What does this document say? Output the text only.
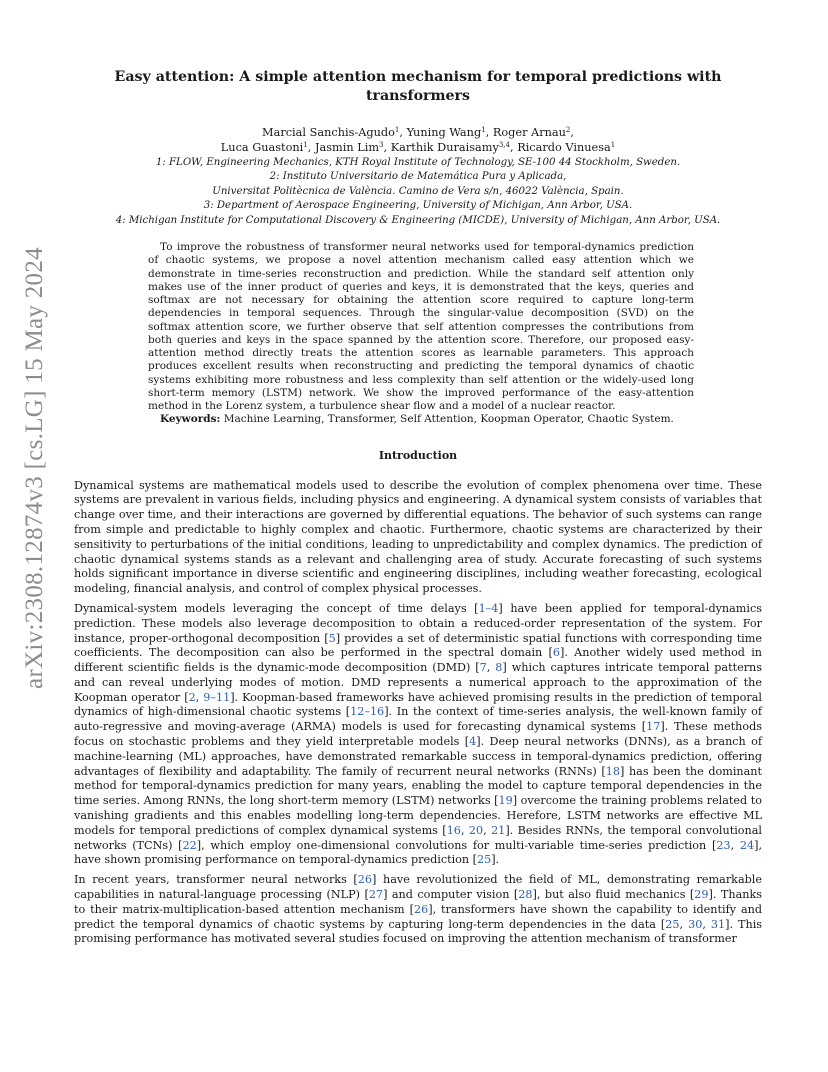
arXiv:2308.12874v3 [cs.LG] 15 May 2024
Easy attention: A simple attention mechanism for temporal predictions with transformers
Marcial Sanchis-Agudo$^1$, Yuning Wang$^1$, Roger Arnau$^2$,
Luca Guastoni$^1$, Jasmin Lim$^3$, Karthik Duraisamy$^{3,4}$, Ricardo Vinuesa$^1$
1: FLOW, Engineering Mechanics, KTH Royal Institute of Technology, SE-100 44 Stockholm, Sweden.
2: Instituto Universitario de Matemática Pura y Aplicada,
Universitat Politècnica de València. Camino de Vera s/n, 46022 València, Spain.
3: Department of Aerospace Engineering, University of Michigan, Ann Arbor, USA.
4: Michigan Institute for Computational Discovery & Engineering (MICDE), University of Michigan, Ann Arbor, USA.

To improve the robustness of transformer neural networks used for temporal-dynamics prediction of chaotic systems, we propose a novel attention mechanism called easy attention which we demonstrate in time-series reconstruction and prediction. While the standard self attention only makes use of the inner product of queries and keys, it is demonstrated that the keys, queries and softmax are not necessary for obtaining the attention score required to capture long-term dependencies in temporal sequences. Through the singular-value decomposition (SVD) on the softmax attention score, we further observe that self attention compresses the contributions from both queries and keys in the space spanned by the attention score. Therefore, our proposed easy-attention method directly treats the attention scores as learnable parameters. This approach produces excellent results when reconstructing and predicting the temporal dynamics of chaotic systems exhibiting more robustness and less complexity than self attention or the widely-used long short-term memory (LSTM) network. We show the improved performance of the easy-attention method in the Lorenz system, a turbulence shear flow and a model of a nuclear reactor.

Keywords: Machine Learning, Transformer, Self Attention, Koopman Operator, Chaotic System.

Introduction

Dynamical systems are mathematical models used to describe the evolution of complex phenomena over time. These systems are prevalent in various fields, including physics and engineering. A dynamical system consists of variables that change over time, and their interactions are governed by differential equations. The behavior of such systems can range from simple and predictable to highly complex and chaotic. Furthermore, chaotic systems are characterized by their sensitivity to perturbations of the initial conditions, leading to unpredictability and complex dynamics. The prediction of chaotic dynamical systems stands as a relevant and challenging area of study. Accurate forecasting of such systems holds significant importance in diverse scientific and engineering disciplines, including weather forecasting, ecological modeling, financial analysis, and control of complex physical processes.

Dynamical-system models leveraging the concept of time delays [1–4] have been applied for temporal-dynamics prediction. These models also leverage decomposition to obtain a reduced-order representation of the system. For instance, proper-orthogonal decomposition [5] provides a set of deterministic spatial functions with corresponding time coefficients. The decomposition can also be performed in the spectral domain [6]. Another widely used method in different scientific fields is the dynamic-mode decomposition (DMD) [7, 8] which captures intricate temporal patterns and can reveal underlying modes of motion. DMD represents a numerical approach to the approximation of the Koopman operator [2, 9–11]. Koopman-based frameworks have achieved promising results in the prediction of temporal dynamics of high-dimensional chaotic systems [12–16]. In the context of time-series analysis, the well-known family of auto-regressive and moving-average (ARMA) models is used for forecasting dynamical systems [17]. These methods focus on stochastic problems and they yield interpretable models [4]. Deep neural networks (DNNs), as a branch of machine-learning (ML) approaches, have demonstrated remarkable success in temporal-dynamics prediction, offering advantages of flexibility and adaptability. The family of recurrent neural networks (RNNs) [18] has been the dominant method for temporal-dynamics prediction for many years, enabling the model to capture temporal dependencies in the time series. Among RNNs, the long short-term memory (LSTM) networks [19] overcome the training problems related to vanishing gradients and this enables modelling long-term dependencies. Herefore, LSTM networks are effective ML models for temporal predictions of complex dynamical systems [16, 20, 21]. Besides RNNs, the temporal convolutional networks (TCNs) [22], which employ one-dimensional convolutions for multi-variable time-series prediction [23, 24], have shown promising performance on temporal-dynamics prediction [25].

In recent years, transformer neural networks [26] have revolutionized the field of ML, demonstrating remarkable capabilities in natural-language processing (NLP) [27] and computer vision [28], but also fluid mechanics [29]. Thanks to their matrix-multiplication-based attention mechanism [26], transformers have shown the capability to identify and predict the temporal dynamics of chaotic systems by capturing long-term dependencies in the data [25, 30, 31]. This promising performance has motivated several studies focused on improving the attention mechanism of transformer
